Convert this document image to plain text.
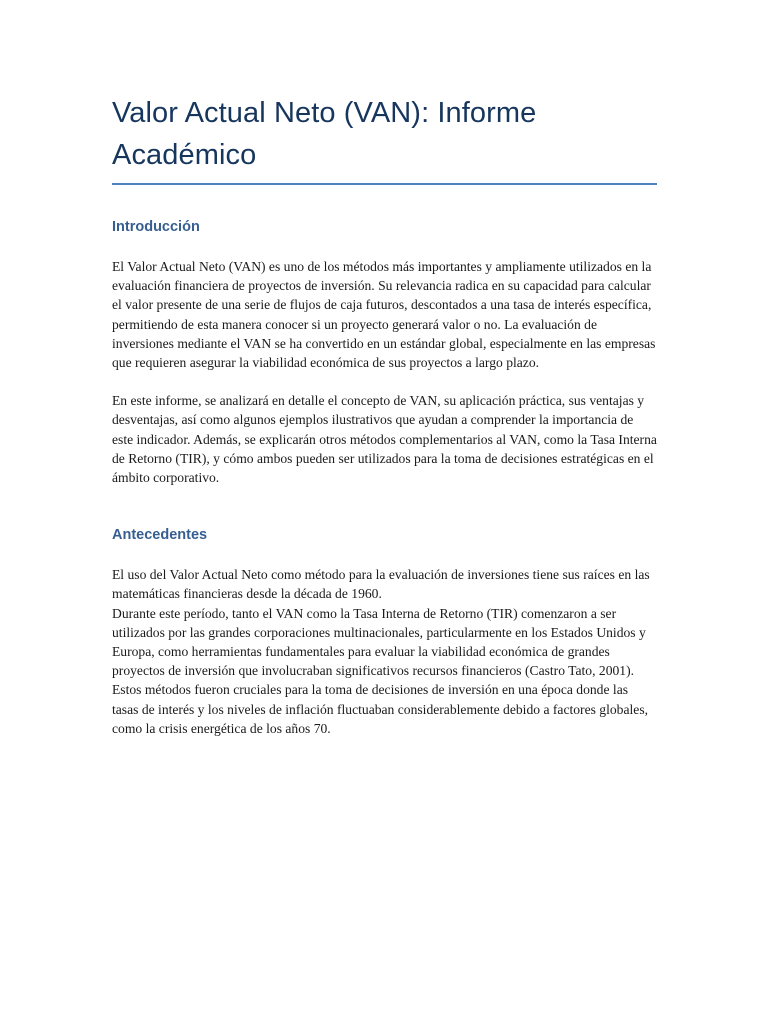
Valor Actual Neto (VAN): Informe Académico
Introducción

El Valor Actual Neto (VAN) es uno de los métodos más importantes y ampliamente utilizados en la evaluación financiera de proyectos de inversión. Su relevancia radica en su capacidad para calcular el valor presente de una serie de flujos de caja futuros, descontados a una tasa de interés específica, permitiendo de esta manera conocer si un proyecto generará valor o no. La evaluación de inversiones mediante el VAN se ha convertido en un estándar global, especialmente en las empresas que requieren asegurar la viabilidad económica de sus proyectos a largo plazo.

En este informe, se analizará en detalle el concepto de VAN, su aplicación práctica, sus ventajas y desventajas, así como algunos ejemplos ilustrativos que ayudan a comprender la importancia de este indicador. Además, se explicarán otros métodos complementarios al VAN, como la Tasa Interna de Retorno (TIR), y cómo ambos pueden ser utilizados para la toma de decisiones estratégicas en el ámbito corporativo.

Antecedentes

El uso del Valor Actual Neto como método para la evaluación de inversiones tiene sus raíces en las matemáticas financieras desde la década de 1960.

Durante este período, tanto el VAN como la Tasa Interna de Retorno (TIR) comenzaron a ser utilizados por las grandes corporaciones multinacionales, particularmente en los Estados Unidos y Europa, como herramientas fundamentales para evaluar la viabilidad económica de grandes proyectos de inversión que involucraban significativos recursos financieros (Castro Tato, 2001). Estos métodos fueron cruciales para la toma de decisiones de inversión en una época donde las tasas de interés y los niveles de inflación fluctuaban considerablemente debido a factores globales, como la crisis energética de los años 70.
